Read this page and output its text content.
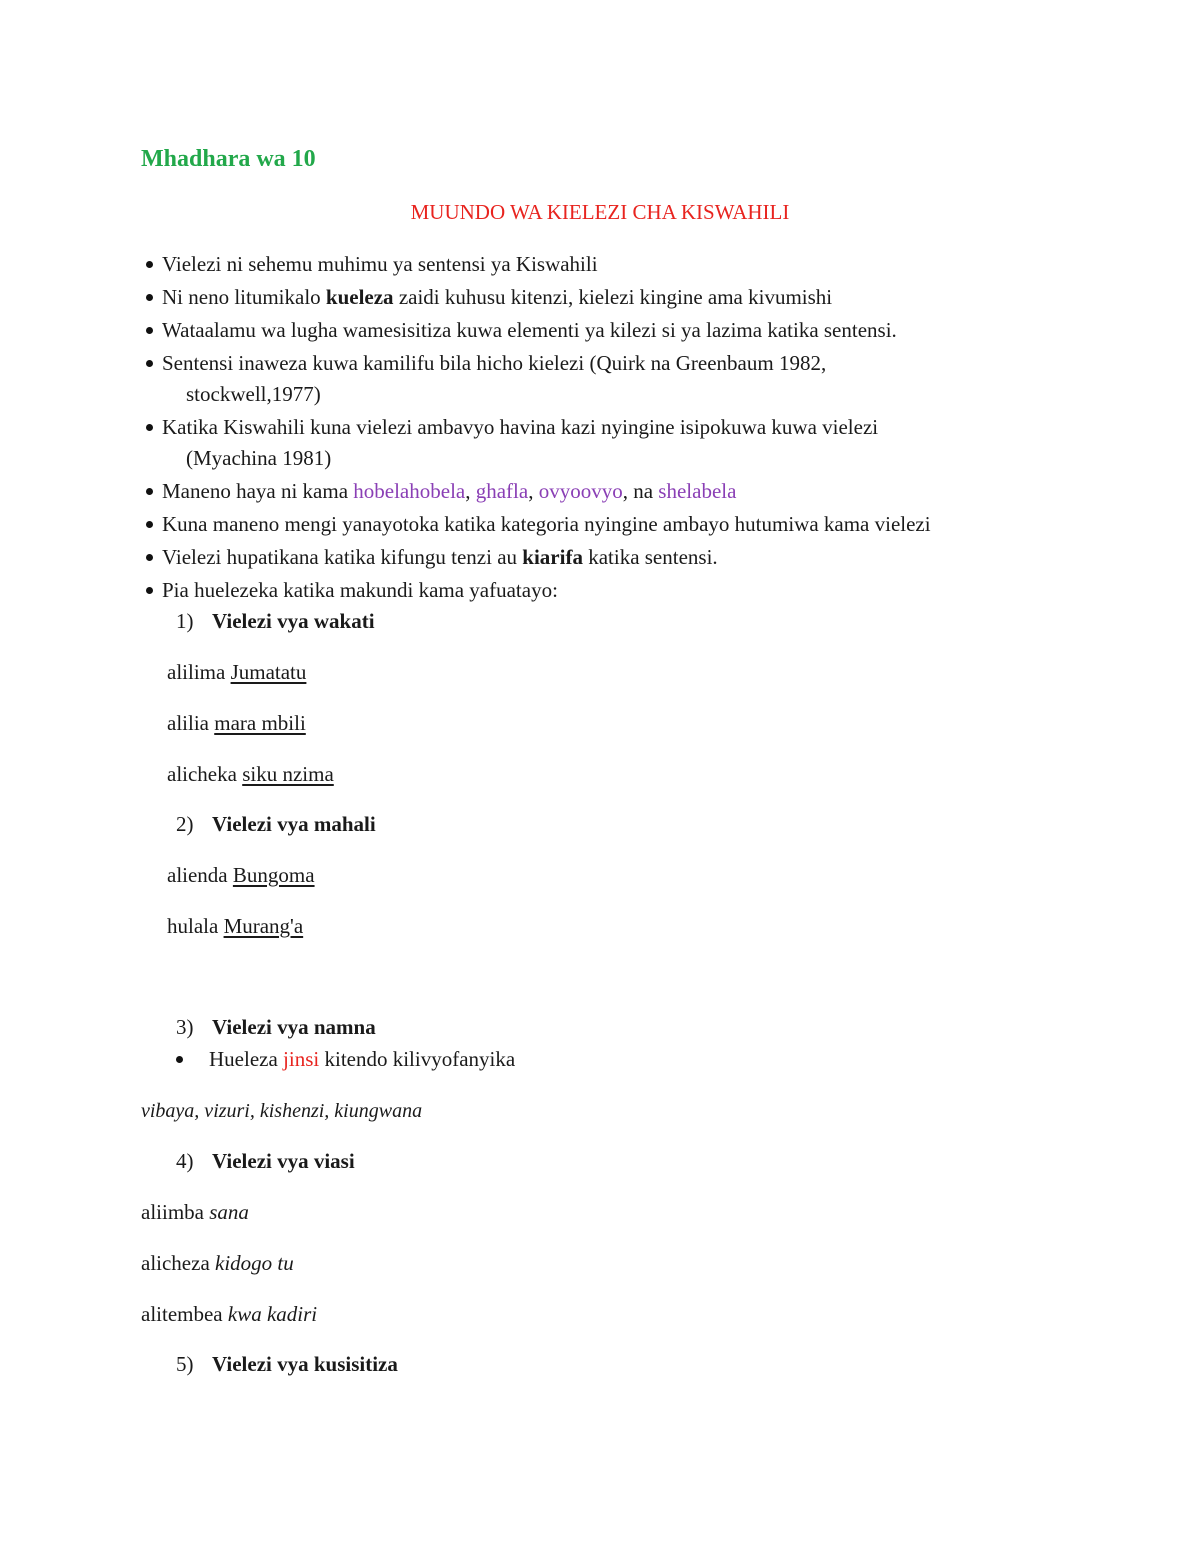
Mhadhara wa 10
MUUNDO WA KIELEZI CHA KISWAHILI
Vielezi ni sehemu muhimu ya sentensi ya Kiswahili
Ni neno litumikalo kueleza zaidi kuhusu kitenzi, kielezi kingine ama kivumishi
Wataalamu wa lugha wamesisitiza kuwa elementi ya kilezi si ya lazima katika sentensi.
Sentensi inaweza kuwa kamilifu bila hicho kielezi (Quirk na Greenbaum 1982,
stockwell,1977)
Katika Kiswahili kuna vielezi ambavyo havina kazi nyingine isipokuwa kuwa vielezi
(Myachina 1981)
Maneno haya ni kama hobelahobela, ghafla, ovyoovyo, na shelabela
Kuna maneno mengi yanayotoka katika kategoria nyingine ambayo hutumiwa kama vielezi
Vielezi hupatikana katika kifungu tenzi au kiarifa katika sentensi.
Pia huelezeka katika makundi kama yafuatayo:
1) Vielezi vya wakati
alilima Jumatatu
alilia mara mbili
alicheka siku nzima
2) Vielezi vya mahali
alienda Bungoma
hulala Murang'a
3) Vielezi vya namna
Hueleza jinsi kitendo kilivyofanyika
vibaya, vizuri, kishenzi, kiungwana
4) Vielezi vya viasi
aliimba sana
alicheza kidogo tu
alitembea kwa kadiri
5) Vielezi vya kusisitiza
